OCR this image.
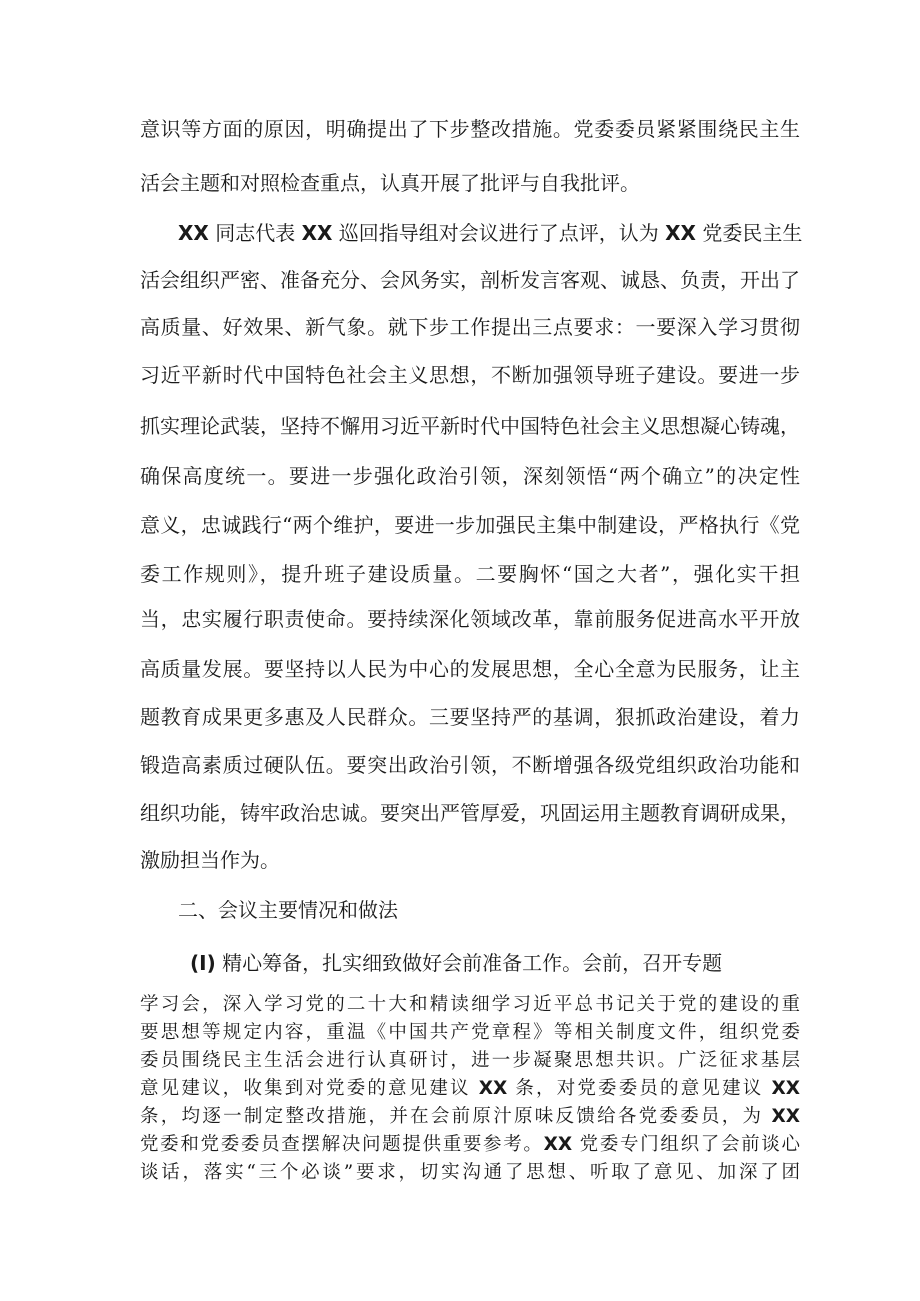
意识等方面的原因，明确提出了下步整改措施。党委委员紧紧围绕民主生
活会主题和对照检查重点，认真开展了批评与自我批评。
XX 同志代表 XX 巡回指导组对会议进行了点评，认为 XX 党委民主生
活会组织严密、准备充分、会风务实，剖析发言客观、诚恳、负责，开出了
高质量、好效果、新气象。就下步工作提出三点要求：一要深入学习贯彻
习近平新时代中国特色社会主义思想，不断加强领导班子建设。要进一步
抓实理论武装，坚持不懈用习近平新时代中国特色社会主义思想凝心铸魂，
确保高度统一。要进一步强化政治引领，深刻领悟“两个确立”的决定性
意义，忠诚践行“两个维护，要进一步加强民主集中制建设，严格执行《党
委工作规则》，提升班子建设质量。二要胸怀“国之大者”，强化实干担
当，忠实履行职责使命。要持续深化领域改革，靠前服务促进高水平开放
高质量发展。要坚持以人民为中心的发展思想，全心全意为民服务，让主
题教育成果更多惠及人民群众。三要坚持严的基调，狠抓政治建设，着力
锻造高素质过硬队伍。要突出政治引领，不断增强各级党组织政治功能和
组织功能，铸牢政治忠诚。要突出严管厚爱，巩固运用主题教育调研成果，
激励担当作为。
二、会议主要情况和做法
(I) 精心筹备，扎实细致做好会前准备工作。会前，召开专题
学习会，深入学习党的二十大和精读细学习近平总书记关于党的建设的重
要思想等规定内容，重温《中国共产党章程》等相关制度文件，组织党委
委员围绕民主生活会进行认真研讨，进一步凝聚思想共识。广泛征求基层
意见建议，收集到对党委的意见建议 XX 条，对党委委员的意见建议 XX
条，均逐一制定整改措施，并在会前原汁原味反馈给各党委委员，为 XX
党委和党委委员查摆解决问题提供重要参考。XX 党委专门组织了会前谈心
谈话，落实“三个必谈”要求，切实沟通了思想、听取了意见、加深了团
